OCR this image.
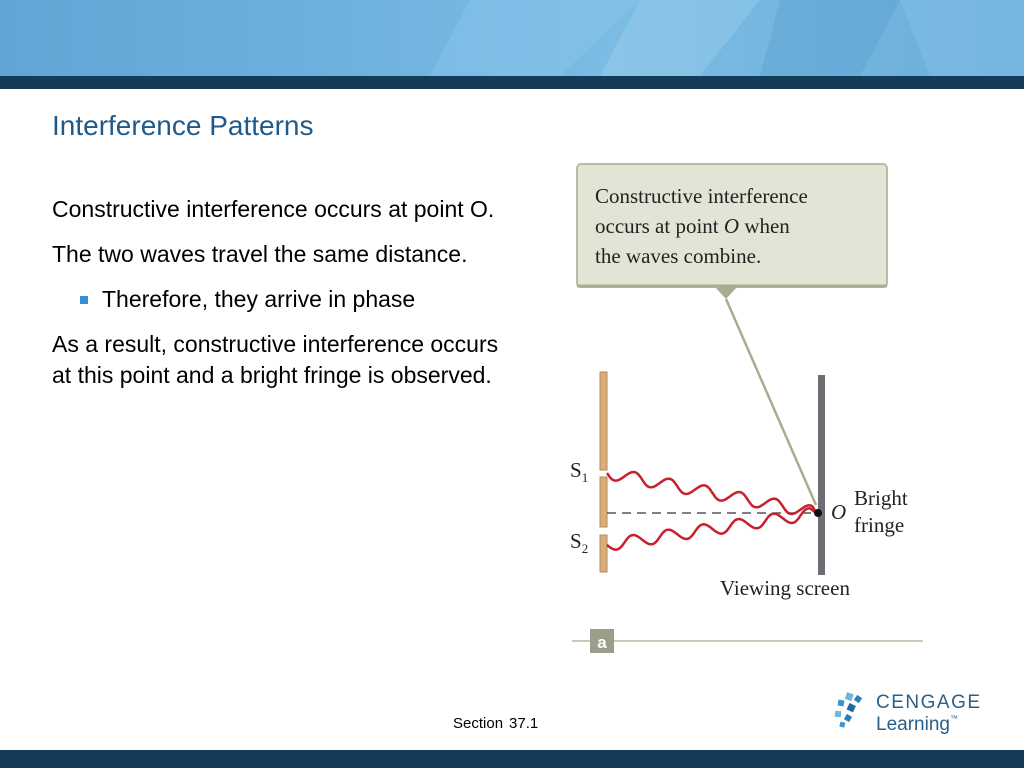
Interference Patterns
Constructive interference occurs at point O.
The two waves travel the same distance.
Therefore, they arrive in phase
As a result, constructive interference occurs at this point and a bright fringe is observed.
Constructive interference
occurs at point O when
the waves combine.
O
$S_1$
$S_2$
Bright
fringe
Viewing screen
a
Section 37.1
CENGAGE
Learning™
